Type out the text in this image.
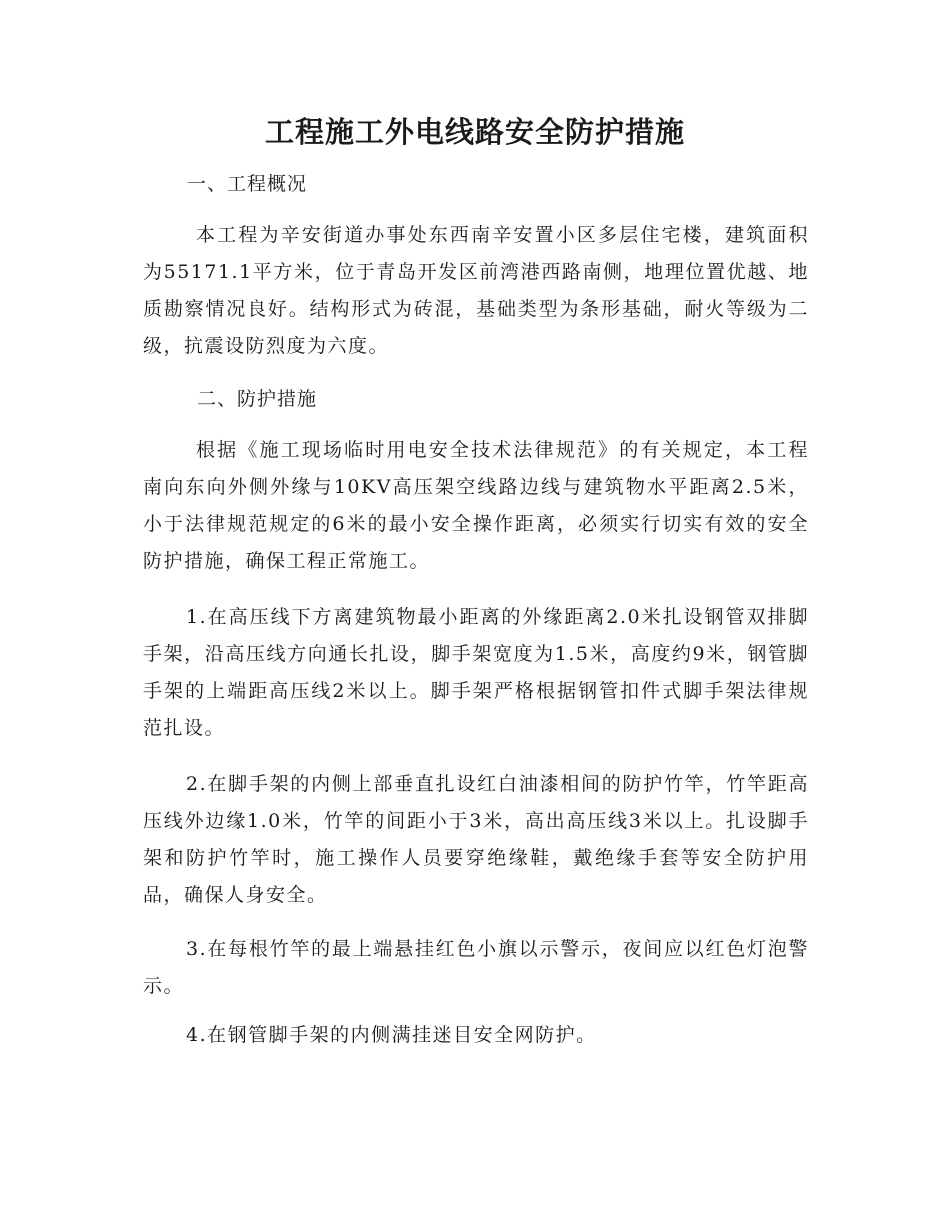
工程施工外电线路安全防护措施
一、工程概况
本工程为辛安街道办事处东西南辛安置小区多层住宅楼，建筑面积为55171.1平方米，位于青岛开发区前湾港西路南侧，地理位置优越、地质勘察情况良好。结构形式为砖混，基础类型为条形基础，耐火等级为二级，抗震设防烈度为六度。
二、防护措施
根据《施工现场临时用电安全技术法律规范》的有关规定，本工程南向东向外侧外缘与10KV高压架空线路边线与建筑物水平距离2.5米，小于法律规范规定的6米的最小安全操作距离，必须实行切实有效的安全防护措施，确保工程正常施工。
1.在高压线下方离建筑物最小距离的外缘距离2.0米扎设钢管双排脚手架，沿高压线方向通长扎设，脚手架宽度为1.5米，高度约9米，钢管脚手架的上端距高压线2米以上。脚手架严格根据钢管扣件式脚手架法律规范扎设。
2.在脚手架的内侧上部垂直扎设红白油漆相间的防护竹竿，竹竿距高压线外边缘1.0米，竹竿的间距小于3米，高出高压线3米以上。扎设脚手架和防护竹竿时，施工操作人员要穿绝缘鞋，戴绝缘手套等安全防护用品，确保人身安全。
3.在每根竹竿的最上端悬挂红色小旗以示警示，夜间应以红色灯泡警示。
4.在钢管脚手架的内侧满挂迷目安全网防护。
